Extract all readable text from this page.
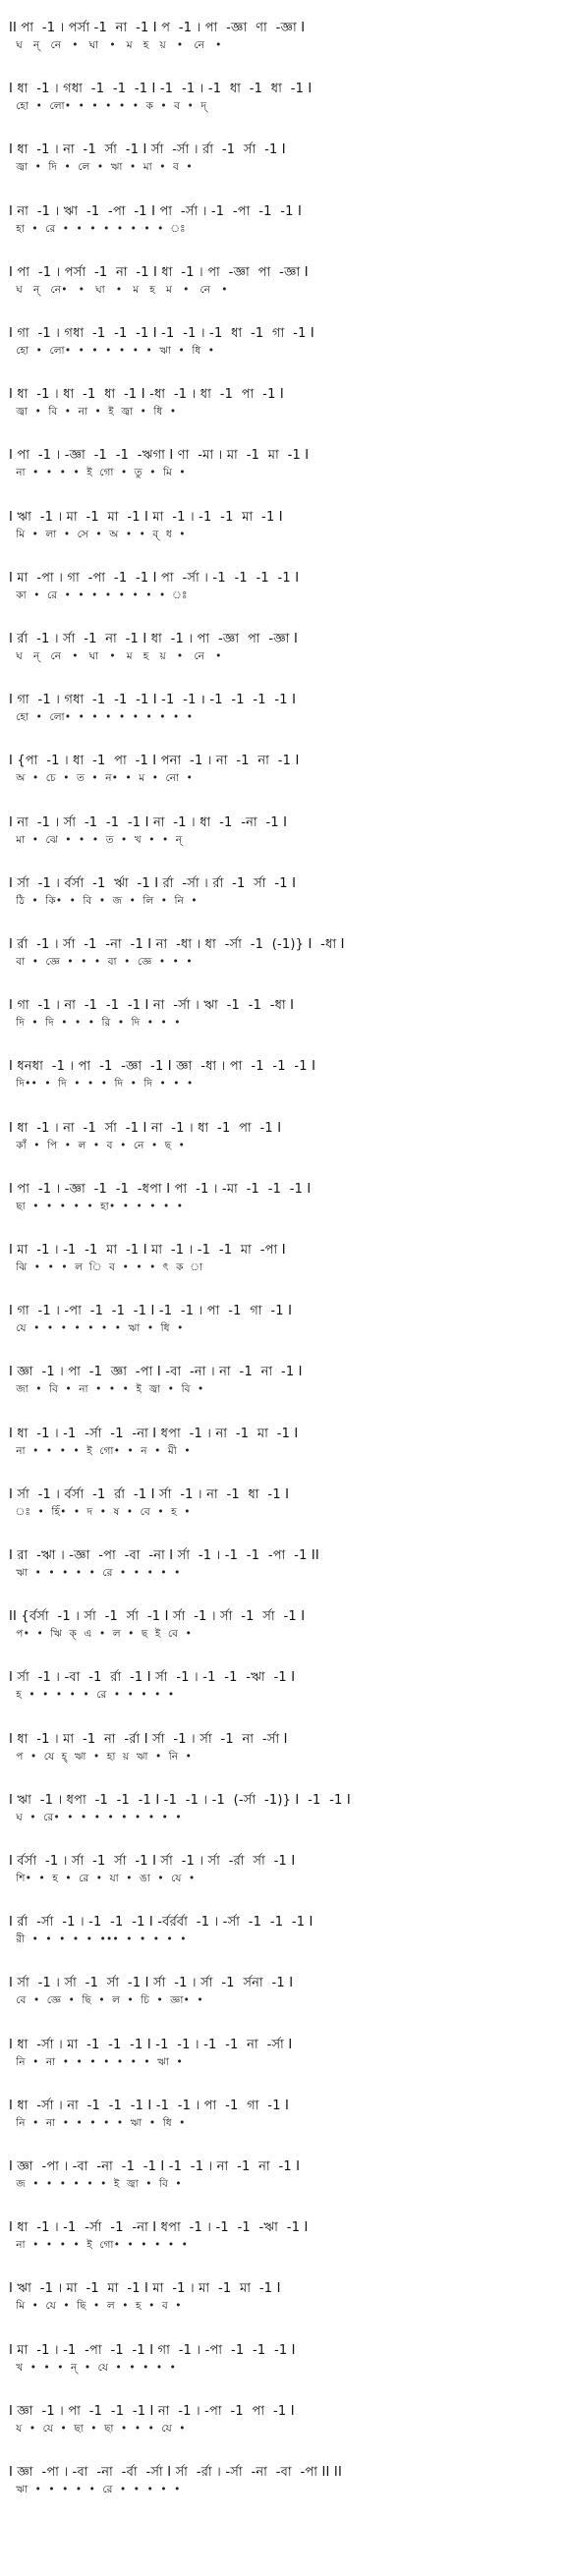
II পা  -1 । পর্সা -1  না  -1 I প  -1 । পা  -জ্ঞা  ণা  -জ্ঞা I
ঘ   ন্‌   নে   •   ঘা   •   ম   হ   য়   •   নে   •
I ধা  -1 । গধা  -1  -1  -1 I -1  -1 । -1  ধা  -1  ধা  -1 I
হো  •  লো•  •  •  •  •  •  ক  •  ব  •  দ্
I ধা  -1 । না  -1  র্সা  -1 I র্সা  -র্সা । র্রা  -1  র্সা  -1 I
জ্বা  •  দি  •  লে  •  ঋা  •  মা  •  ব  •
I না  -1 । ঋা  -1  -পা  -1 I পা  -র্সা । -1  -পা  -1  -1 I
হা  •  রে  •  •  •  •  •  •  •  •  ঃ
I পা  -1 । পর্সা  -1  না  -1 I ধা  -1 । পা  -জ্ঞা  পা  -জ্ঞা I
ঘ   ন্‌   নে•   •   ঘা   •   ম   হ   ম   •   নে   •
I গা  -1 । গধা  -1  -1  -1 I -1  -1 । -1  ধা  -1  গা  -1 I
হো  •  লো•  •  •  •  •  •  •  ঋা  •  ধি  •
I ধা  -1 । ধা  -1  ধা  -1 I -ধা  -1 । ধা  -1  পা  -1 I
জ্বা  •  বি  •  না  •  ই  জ্বা  •  ধি  •
I পা  -1 । -জ্ঞা  -1  -1  -ঋগা I ণা  -মা । মা  -1  মা  -1 I
না  •  •  •  •  ই  গো  •  তু  •  মি  •
I ঋা  -1 । মা  -1  মা  -1 I মা  -1 । -1  -1  মা  -1 I
মি  •  লা  •  সে  •  অ  •  •  ব্‌  ধ  •
I মা  -পা । গা  -পা  -1  -1 I পা  -র্সা । -1  -1  -1  -1 I
কা  •  রে  •  •  •  •  •  •  •  •  ঃ
I র্রা  -1 । র্সা  -1  না  -1 I ধা  -1 । পা  -জ্ঞা  পা  -জ্ঞা I
ঘ   ন্‌   নে   •   ঘা   •   ম   হ   য়   •   নে   •
I গা  -1 । গধা  -1  -1  -1 I -1  -1 । -1  -1  -1  -1 I
হো  •  লো•  •  •  •  •  •  •  •  •  •
I {পা  -1 । ধা  -1  পা  -1 I পনা  -1 । না  -1  না  -1 I
অ  •  চে  •  ত  •  ন•  •  ম  •  নো  •
I না  -1 । র্সা  -1  -1  -1 I না  -1 । ধা  -1  -না  -1 I
মা  •  ঝে  •  •  •  ত  •  খ  •  •  ন্‌
I র্সা  -1 । র্বর্সা  -1  র্ঋা  -1 I র্রা  -র্সা । র্রা  -1  র্সা  -1 I
ঠি  •  কি•  •  বি  •  জ  •  লি  •  নি  •
I র্রা  -1 । র্সা  -1  -না  -1 I না  -ধা । ধা  -র্সা  -1  (-1)} I  -ধা I
বা  •  জ্ঞে  •  •  •  বা  •  জ্ঞে  •  •  •
I গা  -1 । না  -1  -1  -1 I না  -র্সা । ঋা  -1  -1  -ধা I
দি  •  দি  •  •  •  রি  •  দি  •  •  •
I ধনধা  -1 । পা  -1  -জ্ঞা  -1 I জ্ঞা  -ধা । পা  -1  -1  -1 I
দি••  •  দি  •  •  •  দি  •  দি  •  •  •
I ধা  -1 । না  -1  র্সা  -1 I না  -1 । ধা  -1  পা  -1 I
কাঁ  •  পি  •  ল  •  ব  •  নে  •  ছ  •
I পা  -1 । -জ্ঞা  -1  -1  -ধপা I পা  -1 । -মা  -1  -1  -1 I
ছা  •  •  •  •  •  হা•  •  •  •  •  •
I মা  -1 । -1  -1  মা  -1 I মা  -1 । -1  -1  মা  -পা I
ঝি  •  •  •  ল  ি  ব  •  •  •  ৎ  ক  া
I গা  -1 । -পা  -1  -1  -1 I -1  -1 । পা  -1  গা  -1 I
যে  •  •  •  •  •  •  •  ঋা  •  ধি  •
I জ্ঞা  -1 । পা  -1  জ্ঞা  -পা I -বা  -না । না  -1  না  -1 I
জা  •  বি  •  না  •  •  •  ই  জ্বা  •  বি  •
I ধা  -1 । -1  -র্সা  -1  -না I ধপা  -1 । না  -1  মা  -1 I
না  •  •  •  •  ই  গো•  •  ন  •  মী  •
I র্সা  -1 । র্বর্সা  -1  র্রা  -1 I র্সা  -1 । না  -1  ধা  -1 I
ঃ  •  হিঁ•  •  দ  •  ষ  •  বে  •  হ  •
I রা  -ঋা । -জ্ঞা  -পা  -বা  -না I র্সা  -1 । -1  -1  -পা  -1 II
ঋা  •  •  •  •  •  রে  •  •  •  •  •
II {র্বর্সা  -1 । র্সা  -1  র্সা  -1 I র্সা  -1 । র্সা  -1  র্সা  -1 I
প•  •  ঋি  ক্‌  এ  •  ল  •  ছ  ই  বে  •
I র্সা  -1 । -বা  -1  র্রা  -1 I র্সা  -1 । -1  -1  -ঋা  -1 I
হ  •  •  •  •  •  রে  •  •  •  •  •
I ধা  -1 । মা  -1  না  -র্রা I র্সা  -1 । র্সা  -1  না  -র্সা I
প  •  যে  হ্‌  ঋা  •  হা  য়  ঋা  •  নি  •
I ঋা  -1 । ধপা  -1  -1  -1 I -1  -1 । -1  (-র্সা  -1)} I  -1  -1 I
ঘ  •  রে•  •  •  •  •  •  •  •  •  •
I র্বর্সা  -1 । র্সা  -1  র্সা  -1 I র্সা  -1 । র্সা  -র্রা  র্সা  -1 I
শি•  •  হ  •  রে  •  যা  •  ঙা  •  যে  •
I র্রা  -র্সা  -1 । -1  -1  -1 I -র্বর্রর্বা  -1 । -র্সা  -1  -1  -1 I
রী  •  •  •  •  •  •••  •  •  •  •  •
I র্সা  -1 । র্সা  -1  র্সা  -1 I র্সা  -1 । র্সা  -1  র্সনা  -1 I
বে  •  জ্ঞে  •  ছি  •  ল  •  চি  •  জ্ঞা•  •
I ধা  -র্সা । মা  -1  -1  -1 I -1  -1 । -1  -1  না  -র্সা I
নি  •  না  •  •  •  •  •  •  •  ঋা  •
I ধা  -র্সা । না  -1  -1  -1 I -1  -1 । পা  -1  গা  -1 I
নি  •  না  •  •  •  •  •  ঋা  •  ধি  •
I জ্ঞা  -পা । -বা  -না  -1  -1 I -1  -1 । না  -1  না  -1 I
জ  •  •  •  •  •  •  ই  জ্বা  •  বি  •
I ধা  -1 । -1  -র্সা  -1  -না I ধপা  -1 । -1  -1  -ঋা  -1 I
না  •  •  •  •  ই  গো•  •  •  •  •  •
I ঋা  -1 । মা  -1  মা  -1 I মা  -1 । মা  -1  মা  -1 I
মি  •  যে  •  ছি  •  ল  •  হ  •  ব  •
I মা  -1 । -1  -পা  -1  -1 I গা  -1 । -পা  -1  -1  -1 I
খ  •  •  •  ন্‌  •  যে  •  •  •  •  •
I জ্ঞা  -1 । পা  -1  -1  -1 I না  -1 । -পা  -1  পা  -1 I
য  •  যে  •  ছা  •  ছা  •  •  •  যে  •
I জ্ঞা  -পা । -বা  -না  -র্বা  -র্সা I র্সা  -র্রা । -র্সা  -না  -বা  -পা II II
ঋা  •  •  •  •  •  রে  •  •  •  •  •
